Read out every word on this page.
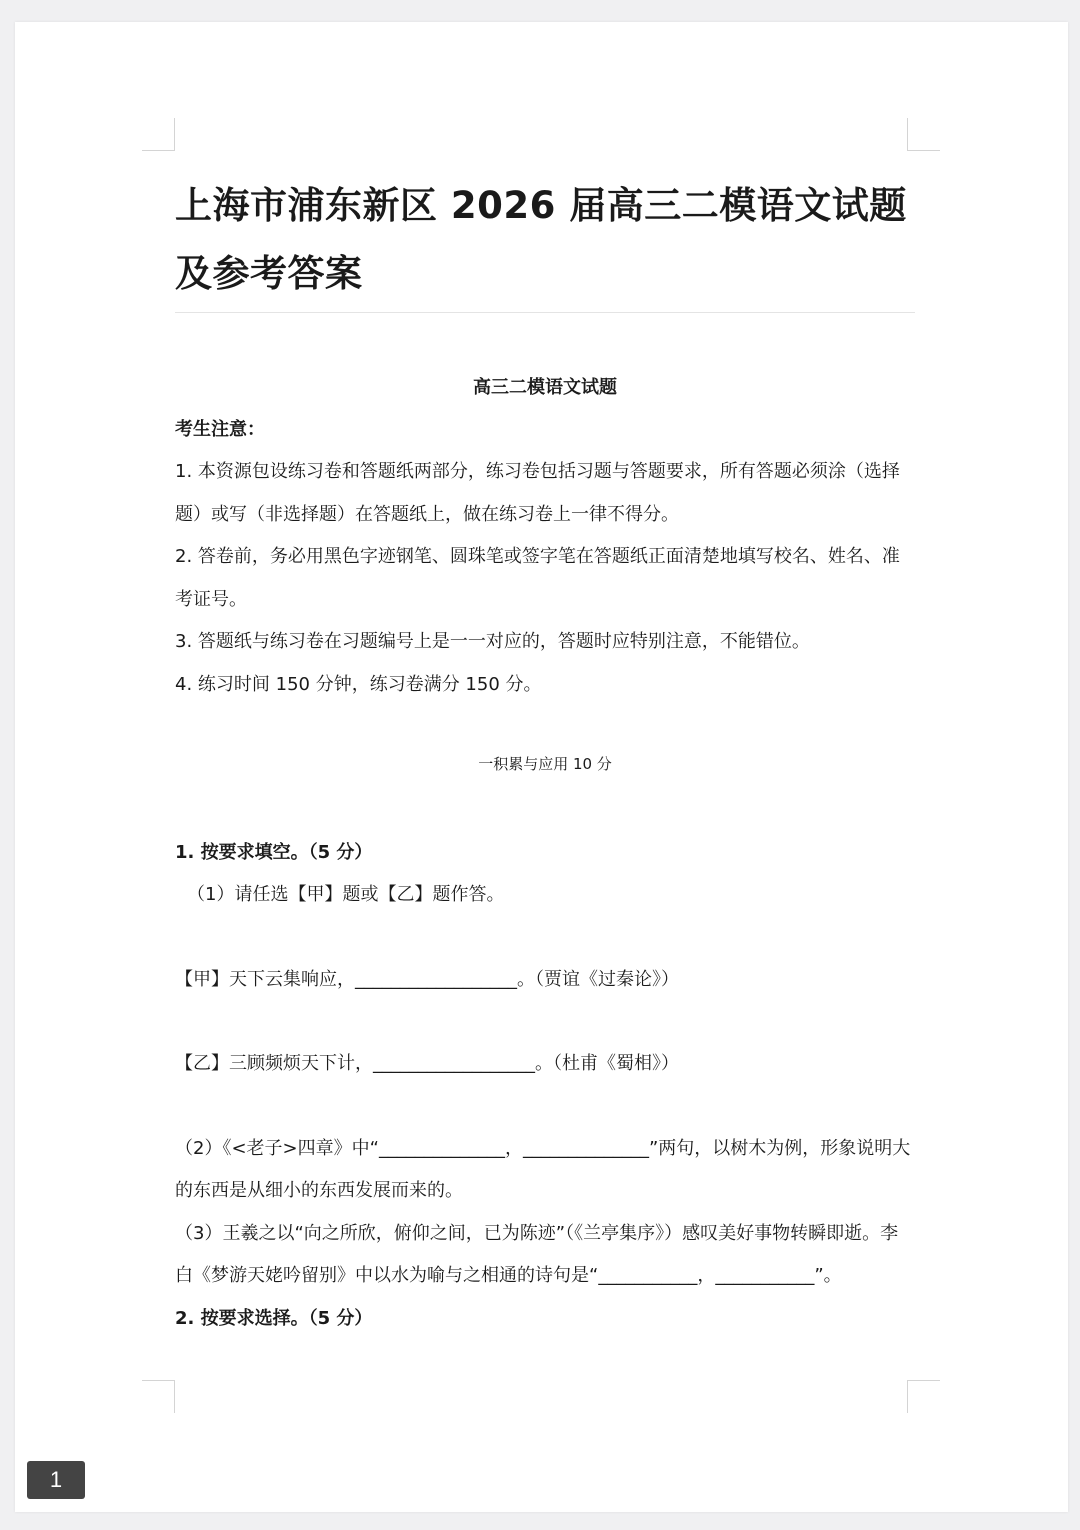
上海市浦东新区 2026 届高三二模语文试题
及参考答案
高三二模语文试题
考生注意：

1. 本资源包设练习卷和答题纸两部分，练习卷包括习题与答题要求，所有答题必须涂（选择题）或写（非选择题）在答题纸上，做在练习卷上一律不得分。

2. 答卷前，务必用黑色字迹钢笔、圆珠笔或签字笔在答题纸正面清楚地填写校名、姓名、准考证号。

3. 答题纸与练习卷在习题编号上是一一对应的，答题时应特别注意，不能错位。

4. 练习时间 150 分钟，练习卷满分 150 分。

一积累与应用 10 分
1. 按要求填空。（5 分）

（1）请任选【甲】题或【乙】题作答。

【甲】天下云集响应，__________________。（贾谊《过秦论》）

【乙】三顾频烦天下计，__________________。（杜甫《蜀相》）

（2）《<老子>四章》中“______________，______________”两句，以树木为例，形象说明大的东西是从细小的东西发展而来的。

（3）王羲之以“向之所欣，俯仰之间，已为陈迹”（《兰亭集序》）感叹美好事物转瞬即逝。李白《梦游天姥吟留别》中以水为喻与之相通的诗句是“___________，___________”。

2. 按要求选择。（5 分）
1
